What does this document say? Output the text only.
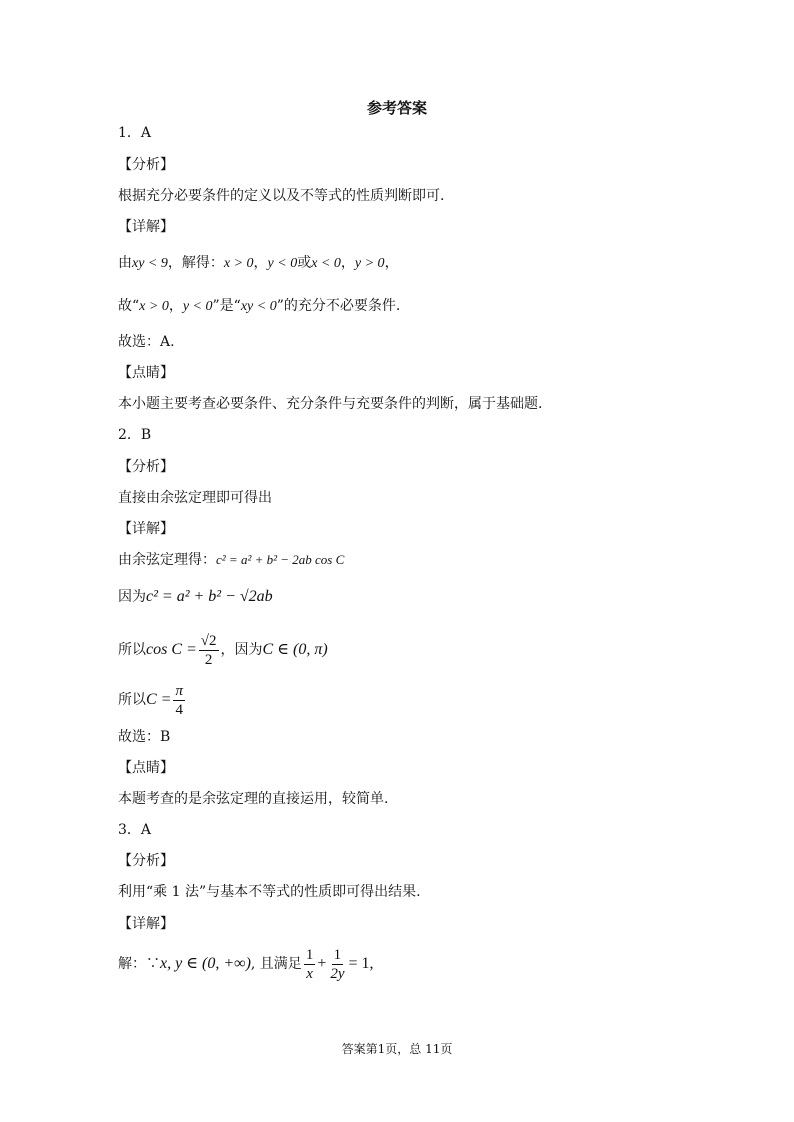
参考答案
1．A
【分析】
根据充分必要条件的定义以及不等式的性质判断即可.
【详解】
由xy < 9，解得：x > 0，y < 0或x < 0，y > 0，
故“x > 0，y < 0”是“xy < 0”的充分不必要条件.
故选：A.
【点睛】
本小题主要考查必要条件、充分条件与充要条件的判断，属于基础题.
2．B
【分析】
直接由余弦定理即可得出
【详解】
由余弦定理得：c² = a² + b² − 2ab cos C
因为c² = a² + b² − √2ab
所以 $\cos C = \frac{√2}{2}$ ，因为 C ∈ (0, π)
所以 $C = \frac{\pi}{4}$
故选：B
【点睛】
本题考查的是余弦定理的直接运用，较简单.
3．A
【分析】
利用“乘 1 法”与基本不等式的性质即可得出结果.
【详解】
解：∵ x, y ∈ (0, +∞) , 且满足 $\frac{1}{x} + \frac{1}{2y} = 1$,
答案第1页，总 11页
